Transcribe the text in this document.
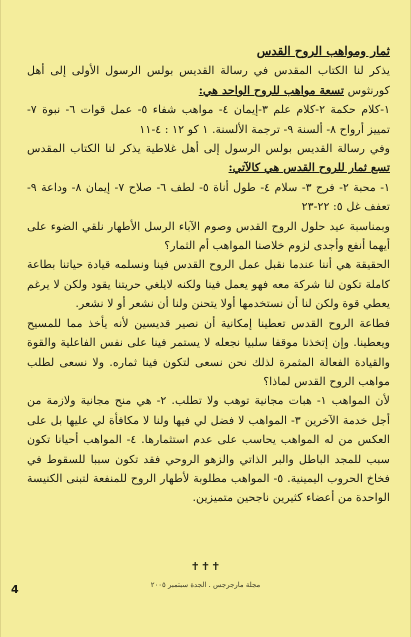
ثمار ومواهب الروح القدس

يذكر لنا الكتاب المقدس في رسالة القديس بولس الرسول الأولى إلى أهل كورنثوس تسعة مواهب للروح الواحد هي:

١-كلام حكمة ٢-كلام علم ٣-إيمان ٤- مواهب شفاء ٥- عمل قوات ٦- نبوة ٧- تمييز أرواح ٨- ألسنة ٩- ترجمة الألسنة. ١ كو ١٢ : ٤-١١

وفي رسالة القديس بولس الرسول إلى أهل غلاطية يذكر لنا الكتاب المقدس تسع ثمار للروح القدس هي كالآتي:

١- محبة ٢- فرح ٣- سلام ٤- طول أناة ٥- لطف ٦- صلاح ٧- إيمان ٨- وداعة ٩- تعفف غل ٥: ٢٢-٢٣

وبمناسبة عيد حلول الروح القدس وصوم الآباء الرسل الأطهار نلقي الضوء على أيهما أنفع وأجدى لزوم خلاصنا المواهب أم الثمار؟

الحقيقة هي أننا عندما نقبل عمل الروح القدس فينا ونسلمه قيادة حياتنا بطاعة كاملة تكون لنا شركة معه فهو يعمل فينا ولكنه لايلغي حريتنا يقود ولكن لا يرغم يعطي قوة ولكن لنا أن نستخدمها أولا يتحنن ولنا أن نشعر أو لا نشعر.

فطاعة الروح القدس تعطينا إمكانية أن نصير قديسين لأنه يأخذ مما للمسيح ويعطينا. وإن إتخذنا موقفا سلبيا نجعله لا يستمر فينا على نفس الفاعلية والقوة والقيادة الفعالة المثمرة لذلك نحن نسعى لتكون فينا ثماره. ولا نسعى لطلب مواهب الروح القدس لماذا؟

لأن المواهب ١- هبات مجانية توهب ولا تطلب. ٢- هي منح مجانية ولازمة من أجل خدمة الآخرين ٣- المواهب لا فضل لي فيها ولنا لا مكافأة لي عليها بل على العكس من له المواهب يحاسب على عدم استثمارها. ٤- المواهب أحيانا تكون سبب للمجد الباطل والبر الذاتي والزهو الروحي فقد تكون سببا للسقوط في فخاخ الحروب اليمينية. ٥- المواهب مطلوبة لأطهار الروح للمنفعة لتبنى الكنيسة الواحدة من أعضاء كثيرين ناجحين متميزين.

✝✝✝
مجلة مارجرجس . الجدة سبتمبر ٢٠٠٥
4
